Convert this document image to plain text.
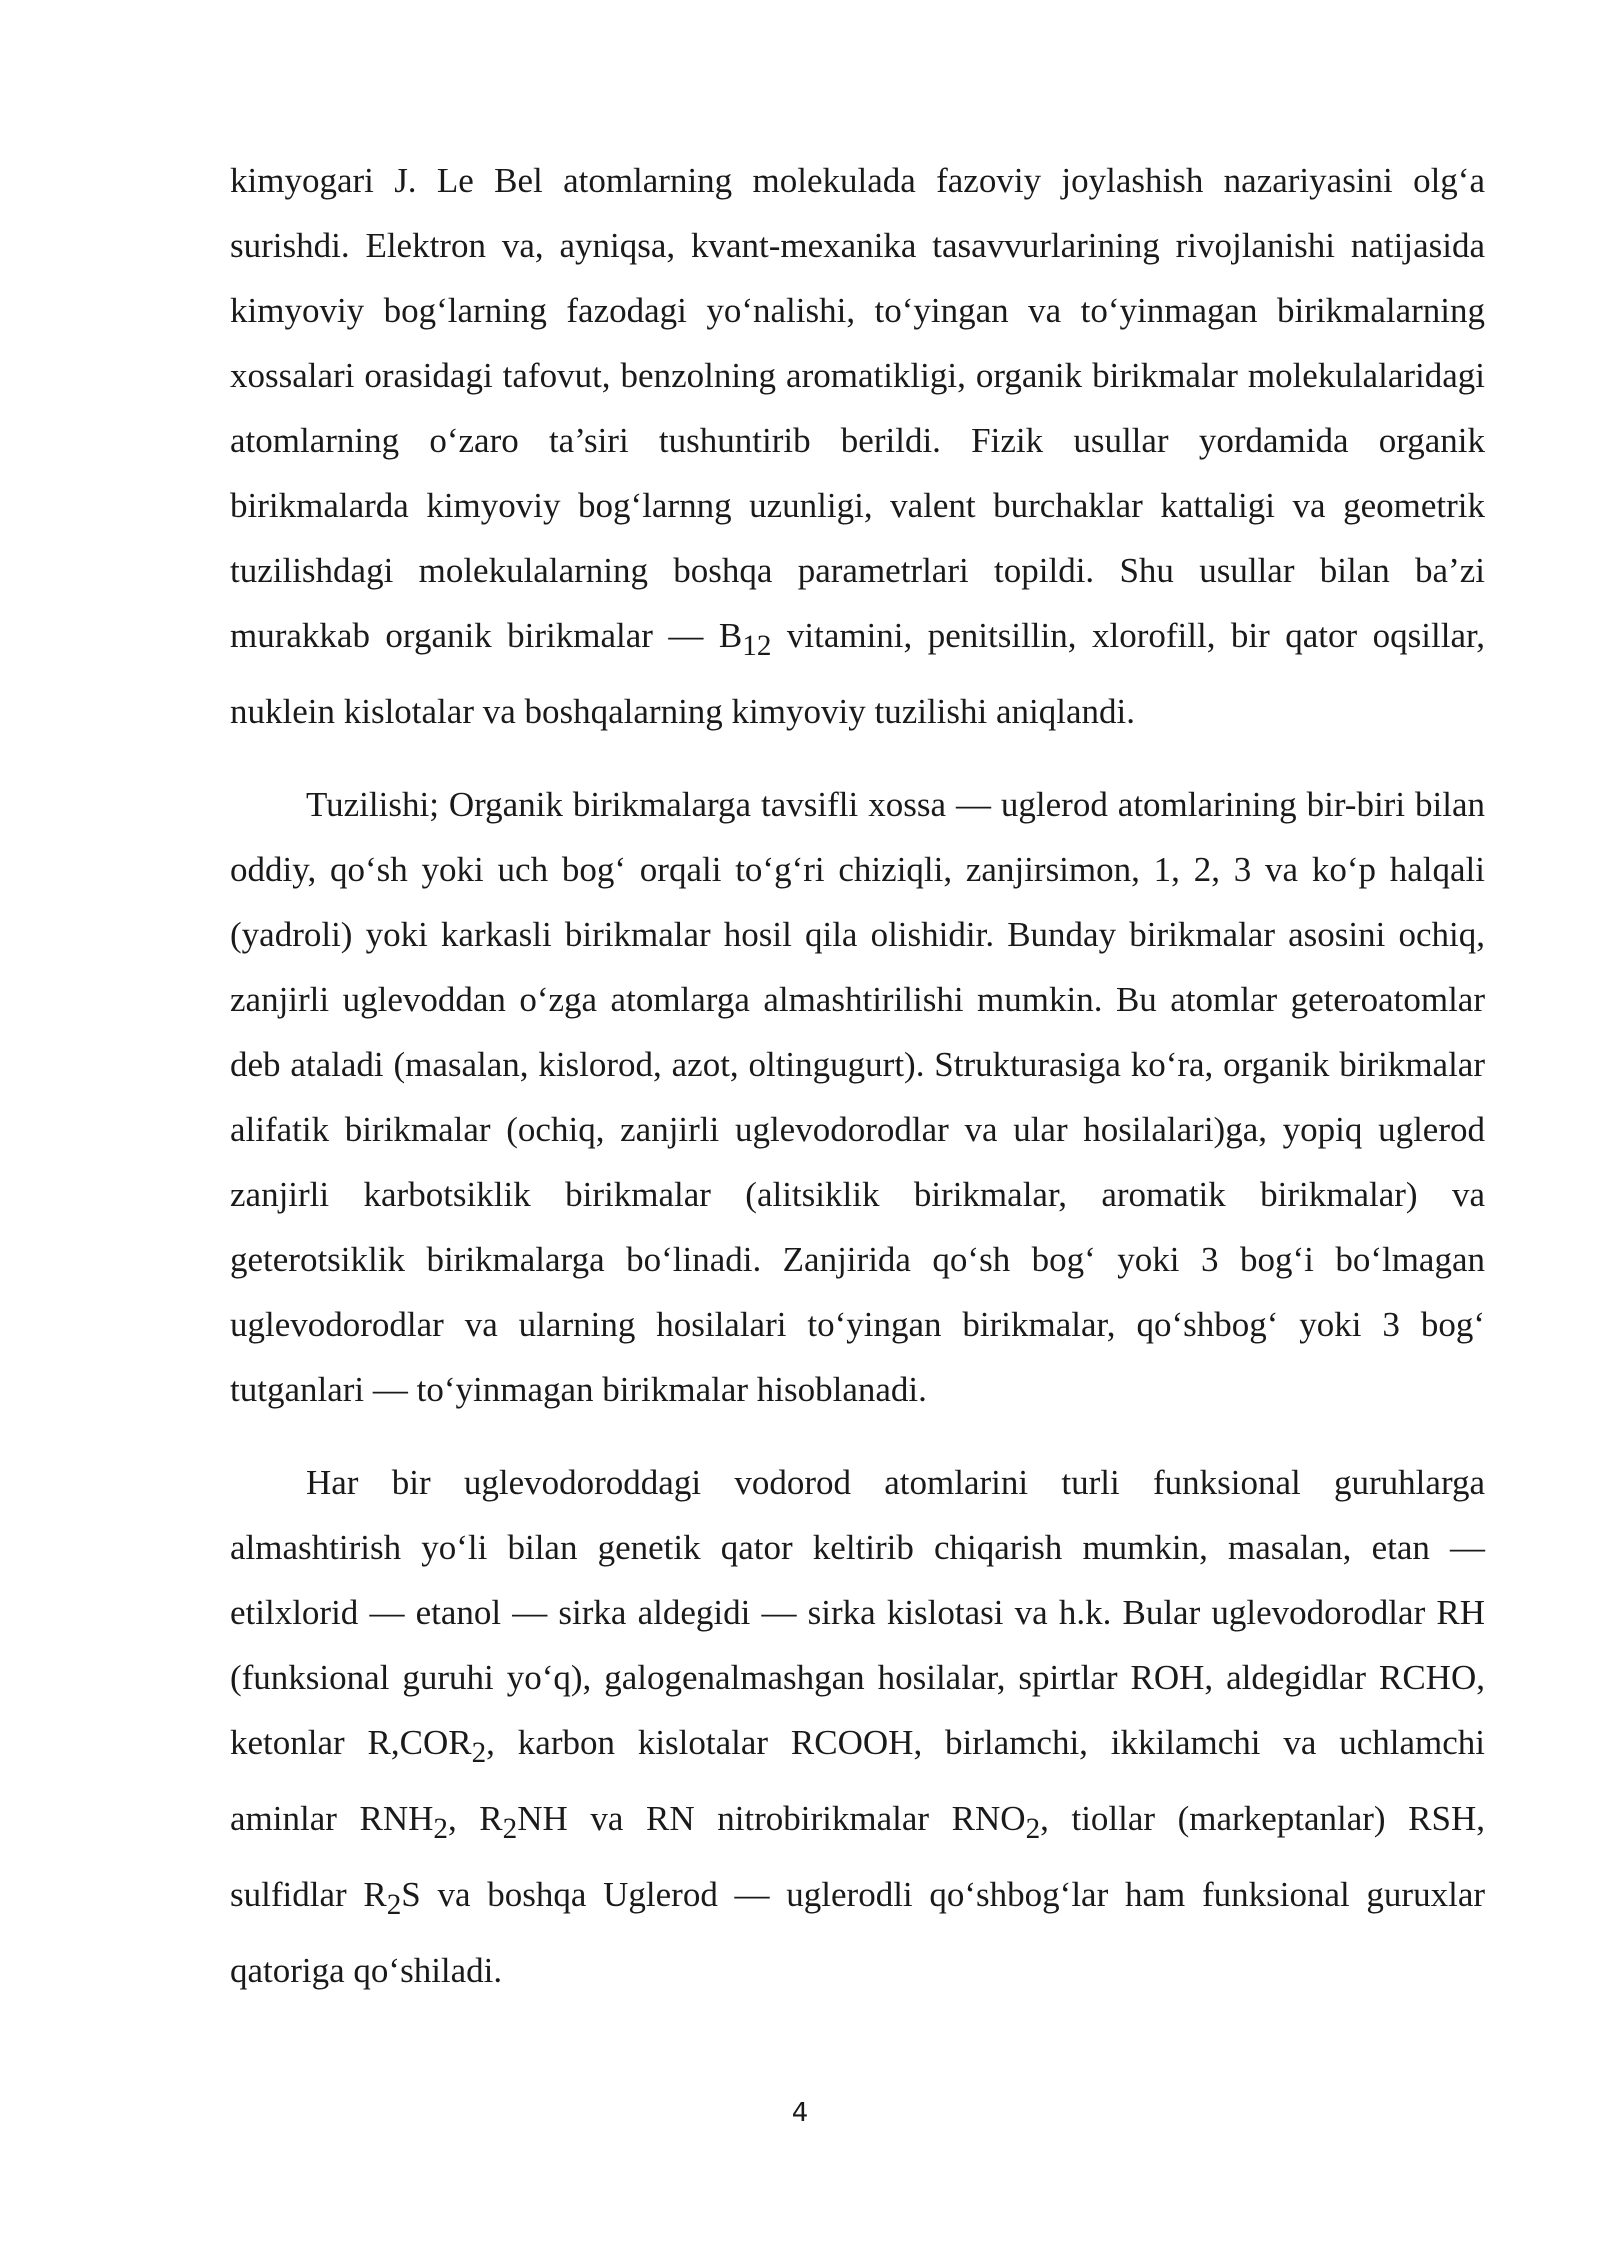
kimyogari J. Le Bel atomlarning molekulada fazoviy joylashish nazariyasini olg‘a surishdi. Elektron va, ayniqsa, kvant-mexanika tasavvurlarining rivojlanishi natijasida kimyoviy bog‘larning fazodagi yo‘nalishi, to‘yingan va to‘yinmagan birikmalarning xossalari orasidagi tafovut, benzolning aromatikligi, organik birikmalar molekulalaridagi atomlarning o‘zaro ta’siri tushuntirib berildi. Fizik usullar yordamida organik birikmalarda kimyoviy bog‘larnng uzunligi, valent burchaklar kattaligi va geometrik tuzilishdagi molekulalarning boshqa parametrlari topildi. Shu usullar bilan ba’zi murakkab organik birikmalar — $B_{12}$ vitamini, penitsillin, xlorofill, bir qator oqsillar, nuklein kislotalar va boshqalarning kimyoviy tuzilishi aniqlandi.

Tuzilishi; Organik birikmalarga tavsifli xossa — uglerod atomlarining bir-biri bilan oddiy, qo‘sh yoki uch bog‘ orqali to‘g‘ri chiziqli, zanjirsimon, 1, 2, 3 va ko‘p halqali (yadroli) yoki karkasli birikmalar hosil qila olishidir. Bunday birikmalar asosini ochiq, zanjirli uglevoddan o‘zga atomlarga almashtirilishi mumkin. Bu atomlar geteroatomlar deb ataladi (masalan, kislorod, azot, oltingugurt). Strukturasiga ko‘ra, organik birikmalar alifatik birikmalar (ochiq, zanjirli uglevodorodlar va ular hosilalari)ga, yopiq uglerod zanjirli karbotsiklik birikmalar (alitsiklik birikmalar, aromatik birikmalar) va geterotsiklik birikmalarga bo‘linadi. Zanjirida qo‘sh bog‘ yoki 3 bog‘i bo‘lmagan uglevodorodlar va ularning hosilalari to‘yingan birikmalar, qo‘shbog‘ yoki 3 bog‘ tutganlari — to‘yinmagan birikmalar hisoblanadi.

Har bir uglevodoroddagi vodorod atomlarini turli funksional guruhlarga almashtirish yo‘li bilan genetik qator keltirib chiqarish mumkin, masalan, etan — etilxlorid — etanol — sirka aldegidi — sirka kislotasi va h.k. Bular uglevodorodlar RH (funksional guruhi yo‘q), galogenalmashgan hosilalar, spirtlar ROH, aldegidlar RCHO, ketonlar $R,COR_2$, karbon kislotalar RCOOH, birlamchi, ikkilamchi va uchlamchi aminlar $RNH_2$, $R_2NH$ va RN nitrobirikmalar $RNO_2$, tiollar (markeptanlar) RSH, sulfidlar $R_2S$ va boshqa Uglerod — uglerodli qo‘shbog‘lar ham funksional guruxlar qatoriga qo‘shiladi.

4
